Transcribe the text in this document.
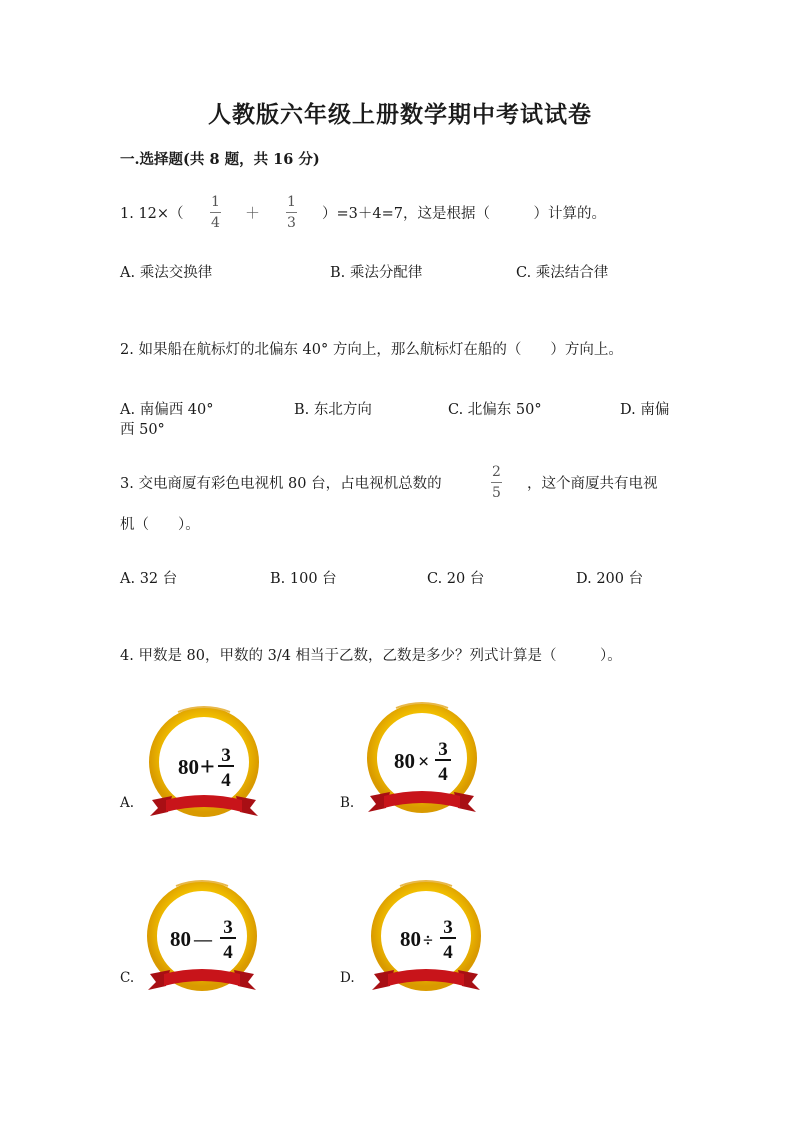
人教版六年级上册数学期中考试试卷
一.选择题(共 8 题，共 16 分)
1. 12×（
1
4
＋
1
3
）=3＋4=7，这是根据（　　　）计算的。
A. 乘法交换律	B. 乘法分配律	C. 乘法结合律
2. 如果船在航标灯的北偏东 40° 方向上，那么航标灯在船的（　　）方向上。
A. 南偏西 40°	B. 东北方向	C. 北偏东 50°	D. 南偏
西 50°
3. 交电商厦有彩色电视机 80 台，占电视机总数的
2
5
，这个商厦共有电视
机（　　）。
A. 32 台	B. 100 台	C. 20 台	D. 200 台
4. 甲数是 80，甲数的 3/4 相当于乙数，乙数是多少？列式计算是（　　　）。
A.
80 + 3
4
B.
80 ×
3
4
C.
80 —
3
4
D.
80 ÷
3
4
